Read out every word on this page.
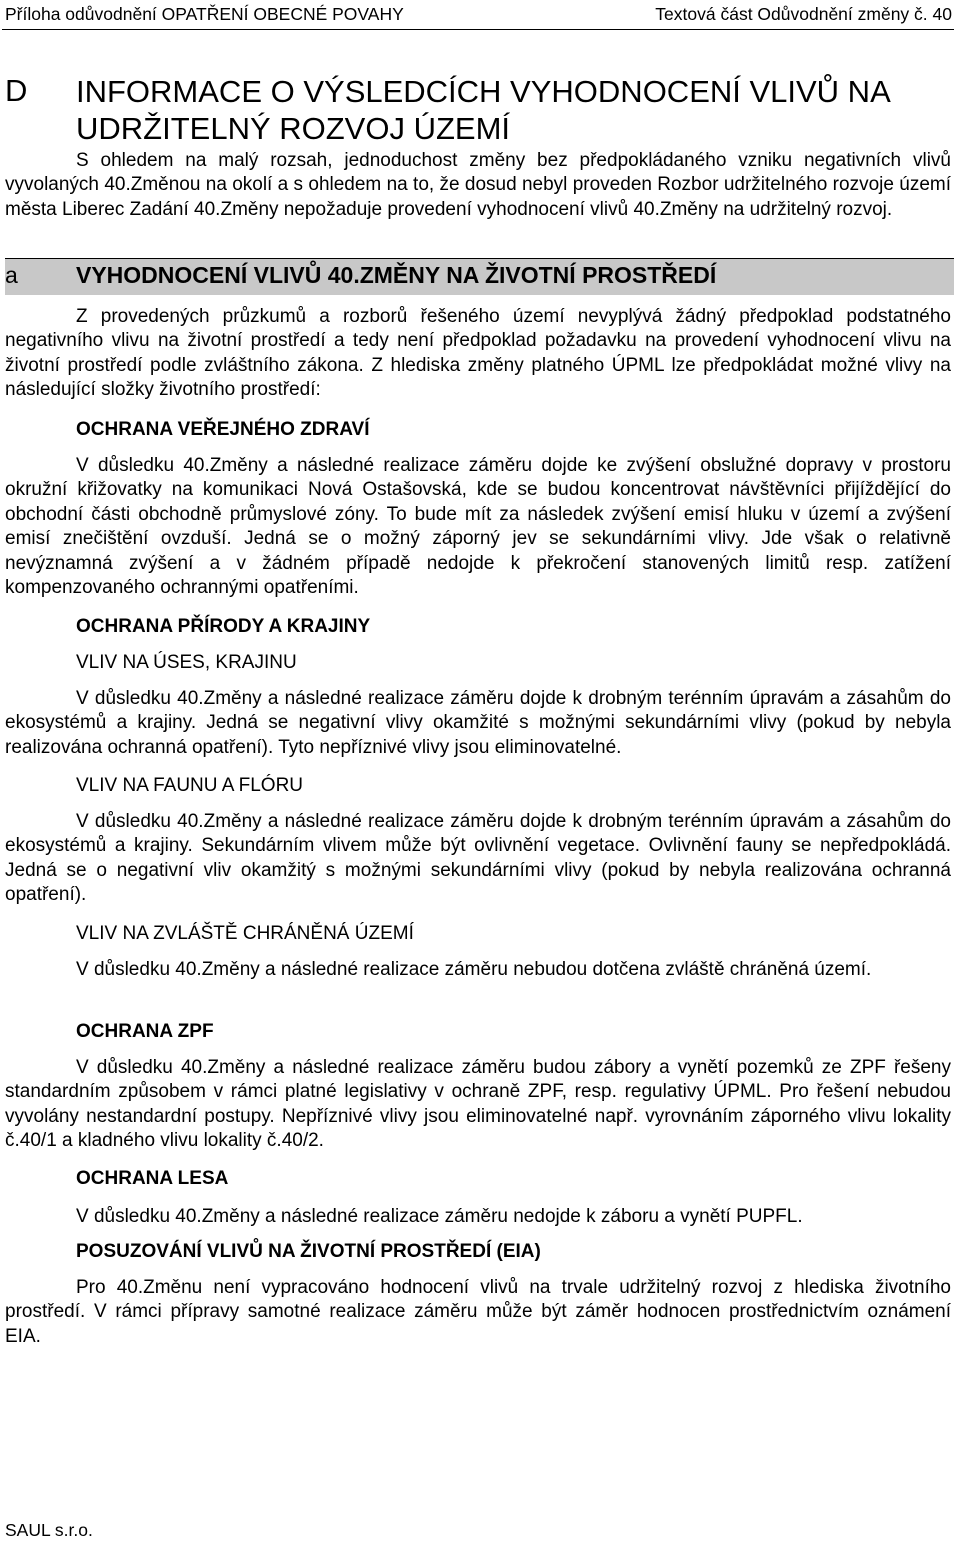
Příloha odůvodnění OPATŘENÍ OBECNÉ POVAHY	Textová část Odůvodnění změny č. 40
D INFORMACE O VÝSLEDCÍCH VYHODNOCENÍ VLIVŮ NA UDRŽITELNÝ ROZVOJ ÚZEMÍ

S ohledem na malý rozsah, jednoduchost změny bez předpokládaného vzniku negativních vlivů vyvolaných 40.Změnou na okolí a s ohledem na to, že dosud nebyl proveden Rozbor udržitelného rozvoje území města Liberec Zadání 40.Změny nepožaduje provedení vyhodnocení vlivů 40.Změny na udržitelný rozvoj.

a	VYHODNOCENÍ VLIVŮ 40.ZMĚNY NA ŽIVOTNÍ PROSTŘEDÍ

Z provedených průzkumů a rozborů řešeného území nevyplývá žádný předpoklad podstatného negativního vlivu na životní prostředí a tedy není předpoklad požadavku na provedení vyhodnocení vlivu na životní prostředí podle zvláštního zákona. Z hlediska změny platného ÚPML lze předpokládat možné vlivy na následující složky životního prostředí:

OCHRANA VEŘEJNÉHO ZDRAVÍ

V důsledku 40.Změny a následné realizace záměru dojde ke zvýšení obslužné dopravy v prostoru okružní křižovatky na komunikaci Nová Ostašovská, kde se budou koncentrovat návštěvníci přijíždějící do obchodní části obchodně průmyslové zóny. To bude mít za následek zvýšení emisí hluku v území a zvýšení emisí znečištění ovzduší. Jedná se o možný záporný jev se sekundárními vlivy. Jde však o relativně nevýznamná zvýšení a v žádném případě nedojde k překročení stanovených limitů resp. zatížení kompenzovaného ochrannými opatřeními.

OCHRANA PŘÍRODY A KRAJINY
VLIV NA ÚSES, KRAJINU

V důsledku 40.Změny a následné realizace záměru dojde k drobným terénním úpravám a zásahům do ekosystémů a krajiny. Jedná se negativní vlivy okamžité s možnými sekundárními vlivy (pokud by nebyla realizována ochranná opatření). Tyto nepříznivé vlivy jsou eliminovatelné.

VLIV NA FAUNU A FLÓRU

V důsledku 40.Změny a následné realizace záměru dojde k drobným terénním úpravám a zásahům do ekosystémů a krajiny. Sekundárním vlivem může být ovlivnění vegetace. Ovlivnění fauny se nepředpokládá. Jedná se o negativní vliv okamžitý s možnými sekundárními vlivy (pokud by nebyla realizována ochranná opatření).

VLIV NA ZVLÁŠTĚ CHRÁNĚNÁ ÚZEMÍ

V důsledku 40.Změny a následné realizace záměru nebudou dotčena zvláště chráněná území.

OCHRANA ZPF

V důsledku 40.Změny a následné realizace záměru budou zábory a vynětí pozemků ze ZPF řešeny standardním způsobem v rámci platné legislativy v ochraně ZPF, resp. regulativy ÚPML. Pro řešení nebudou vyvolány nestandardní postupy. Nepříznivé vlivy jsou eliminovatelné např. vyrovnáním záporného vlivu lokality č.40/1 a kladného vlivu lokality č.40/2.

OCHRANA LESA

V důsledku 40.Změny a následné realizace záměru nedojde k záboru a vynětí PUPFL.

POSUZOVÁNÍ VLIVŮ NA ŽIVOTNÍ PROSTŘEDÍ (EIA)

Pro 40.Změnu není vypracováno hodnocení vlivů na trvale udržitelný rozvoj z hlediska životního prostředí. V rámci přípravy samotné realizace záměru může být záměr hodnocen prostřednictvím oznámení EIA.

SAUL s.r.o.
